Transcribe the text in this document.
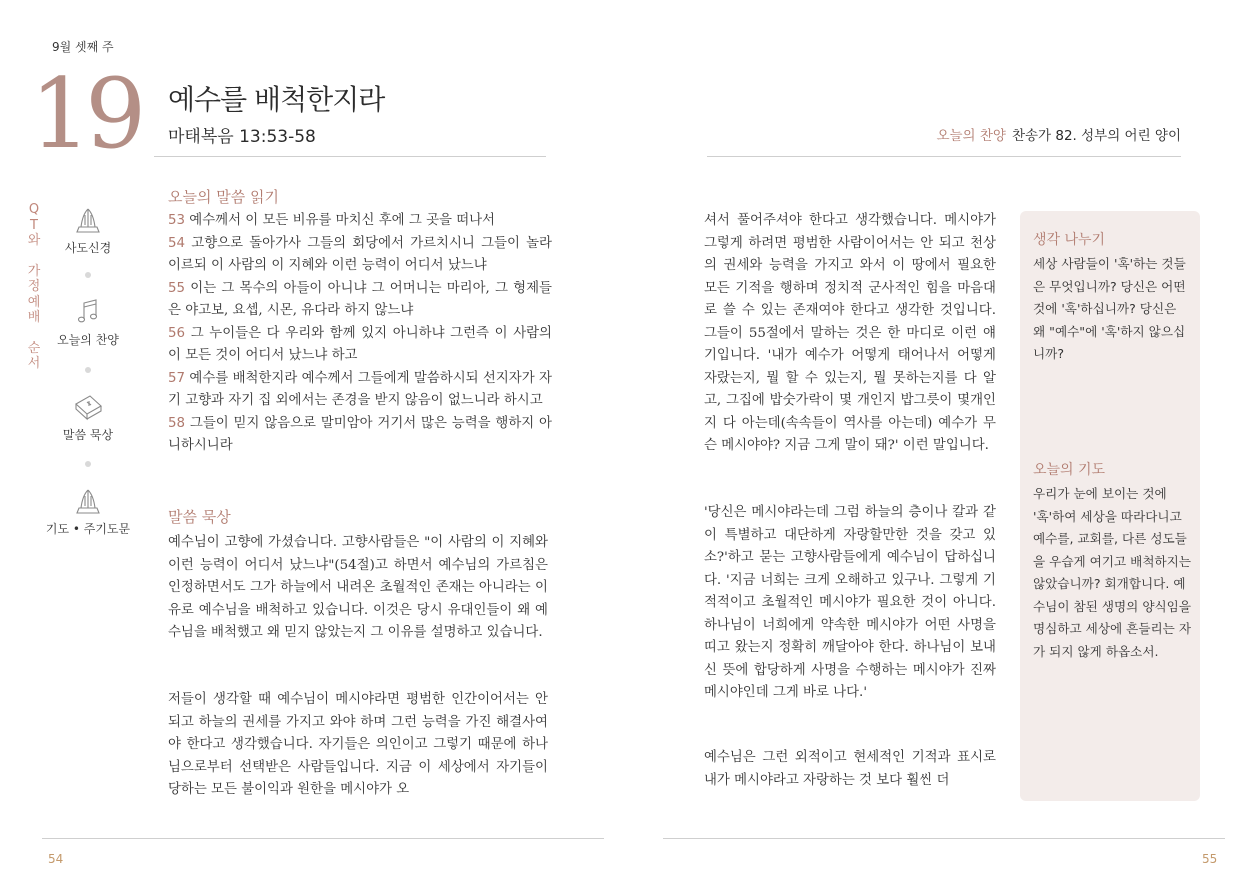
9월 셋째 주
19 예수를 배척한지라
마태복음 13:53-58	오늘의 찬양 찬송가 82. 성부의 어린 양이
Q
T
와
가
정
예
배
순
서
사도신경
오늘의 찬양
말씀 묵상
기도 • 주기도문
오늘의 말씀 읽기
53 예수께서 이 모든 비유를 마치신 후에 그 곳을 떠나서
54 고향으로 돌아가사 그들의 회당에서 가르치시니 그들이 놀라 이르되 이 사람의 이 지혜와 이런 능력이 어디서 났느냐
55 이는 그 목수의 아들이 아니냐 그 어머니는 마리아, 그 형제들은 야고보, 요셉, 시몬, 유다라 하지 않느냐
56 그 누이들은 다 우리와 함께 있지 아니하냐 그런즉 이 사람의 이 모든 것이 어디서 났느냐 하고
57 예수를 배척한지라 예수께서 그들에게 말씀하시되 선지자가 자기 고향과 자기 집 외에서는 존경을 받지 않음이 없느니라 하시고
58 그들이 믿지 않음으로 말미암아 거기서 많은 능력을 행하지 아니하시니라
말씀 묵상
예수님이 고향에 가셨습니다. 고향사람들은 "이 사람의 이 지혜와 이런 능력이 어디서 났느냐"(54절)고 하면서 예수님의 가르침은 인정하면서도 그가 하늘에서 내려온 초월적인 존재는 아니라는 이유로 예수님을 배척하고 있습니다. 이것은 당시 유대인들이 왜 예수님을 배척했고 왜 믿지 않았는지 그 이유를 설명하고 있습니다.
저들이 생각할 때 예수님이 메시야라면 평범한 인간이어서는 안 되고 하늘의 권세를 가지고 와야 하며 그런 능력을 가진 해결사여야 한다고 생각했습니다. 자기들은 의인이고 그렇기 때문에 하나님으로부터 선택받은 사람들입니다. 지금 이 세상에서 자기들이 당하는 모든 불이익과 원한을 메시야가 오
셔서 풀어주셔야 한다고 생각했습니다. 메시야가 그렇게 하려면 평범한 사람이어서는 안 되고 천상의 권세와 능력을 가지고 와서 이 땅에서 필요한 모든 기적을 행하며 정치적 군사적인 힘을 마음대로 쓸 수 있는 존재여야 한다고 생각한 것입니다. 그들이 55절에서 말하는 것은 한 마디로 이런 얘기입니다. '내가 예수가 어떻게 태어나서 어떻게 자랐는지, 뭘 할 수 있는지, 뭘 못하는지를 다 알고, 그집에 밥숫가락이 몇 개인지 밥그릇이 몇개인지 다 아는데(속속들이 역사를 아는데) 예수가 무슨 메시야야? 지금 그게 말이 돼?' 이런 말입니다.
'당신은 메시야라는데 그럼 하늘의 층이나 칼과 같이 특별하고 대단하게 자랑할만한 것을 갖고 있소?'하고 묻는 고향사람들에게 예수님이 답하십니다. '지금 너희는 크게 오해하고 있구나. 그렇게 기적적이고 초월적인 메시야가 필요한 것이 아니다. 하나님이 너희에게 약속한 메시야가 어떤 사명을 띠고 왔는지 정확히 깨달아야 한다. 하나님이 보내신 뜻에 합당하게 사명을 수행하는 메시야가 진짜 메시야인데 그게 바로 나다.'
예수님은 그런 외적이고 현세적인 기적과 표시로 내가 메시야라고 자랑하는 것 보다 훨씬 더
생각 나누기
세상 사람들이 '혹'하는 것들은 무엇입니까? 당신은 어떤 것에 '혹'하십니까? 당신은 왜 "예수"에 '혹'하지 않으십니까?
오늘의 기도
우리가 눈에 보이는 것에 '혹'하여 세상을 따라다니고 예수를, 교회를, 다른 성도들을 우습게 여기고 배척하지는 않았습니까? 회개합니다. 예수님이 참된 생명의 양식임을 명심하고 세상에 흔들리는 자가 되지 않게 하옵소서.
54	55
